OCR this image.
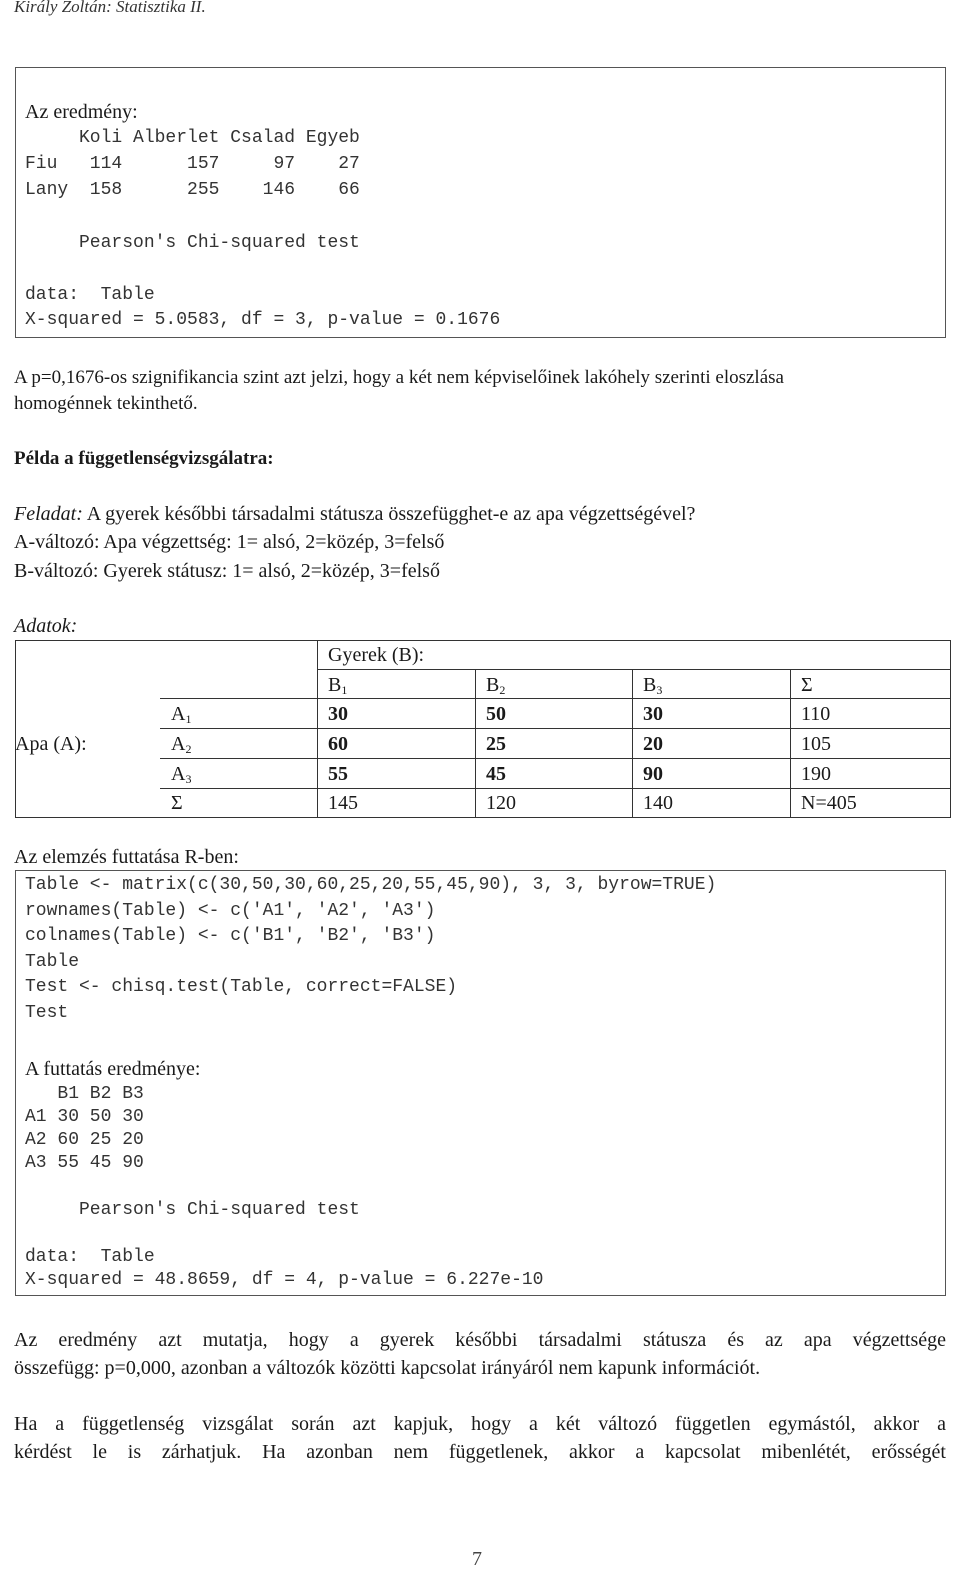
Király Zoltán: Statisztika II.
Az eredmény:
Koli Alberlet Csalad Egyeb
Fiu   114      157     97    27
Lany  158      255    146    66
Pearson's Chi-squared test
data:  Table
X-squared = 5.0583, df = 3, p-value = 0.1676
A p=0,1676-os szignifikancia szint azt jelzi, hogy a két nem képviselőinek lakóhely szerinti eloszlása
homogénnek tekinthető.
Példa a függetlenségvizsgálatra:
Feladat: A gyerek későbbi társadalmi státusza összefügghet-e az apa végzettségével?
A-változó: Apa végzettség: 1= alsó, 2=közép, 3=felső
B-változó: Gyerek státusz: 1= alsó, 2=közép, 3=felső
Adatok:
Gyerek (B):
$B_1$	$B_2$	$B_3$	Σ
Apa (A):
$A_1$	30	50	30	110
$A_2$	60	25	20	105
$A_3$	55	45	90	190
Σ	145	120	140	N=405
Az elemzés futtatása R-ben:
Table <- matrix(c(30,50,30,60,25,20,55,45,90), 3, 3, byrow=TRUE)
rownames(Table) <- c('A1', 'A2', 'A3')
colnames(Table) <- c('B1', 'B2', 'B3')
Table
Test <- chisq.test(Table, correct=FALSE)
Test
A futtatás eredménye:
B1 B2 B3
A1 30 50 30
A2 60 25 20
A3 55 45 90
Pearson's Chi-squared test
data:  Table
X-squared = 48.8659, df = 4, p-value = 6.227e-10
Az eredmény azt mutatja, hogy a gyerek későbbi társadalmi státusza és az apa végzettsége
összefügg: p=0,000, azonban a változók közötti kapcsolat irányáról nem kapunk információt.
Ha a függetlenség vizsgálat során azt kapjuk, hogy a két változó független egymástól, akkor a
kérdést le is zárhatjuk. Ha azonban nem függetlenek, akkor a kapcsolat mibenlétét, erősségét
7
